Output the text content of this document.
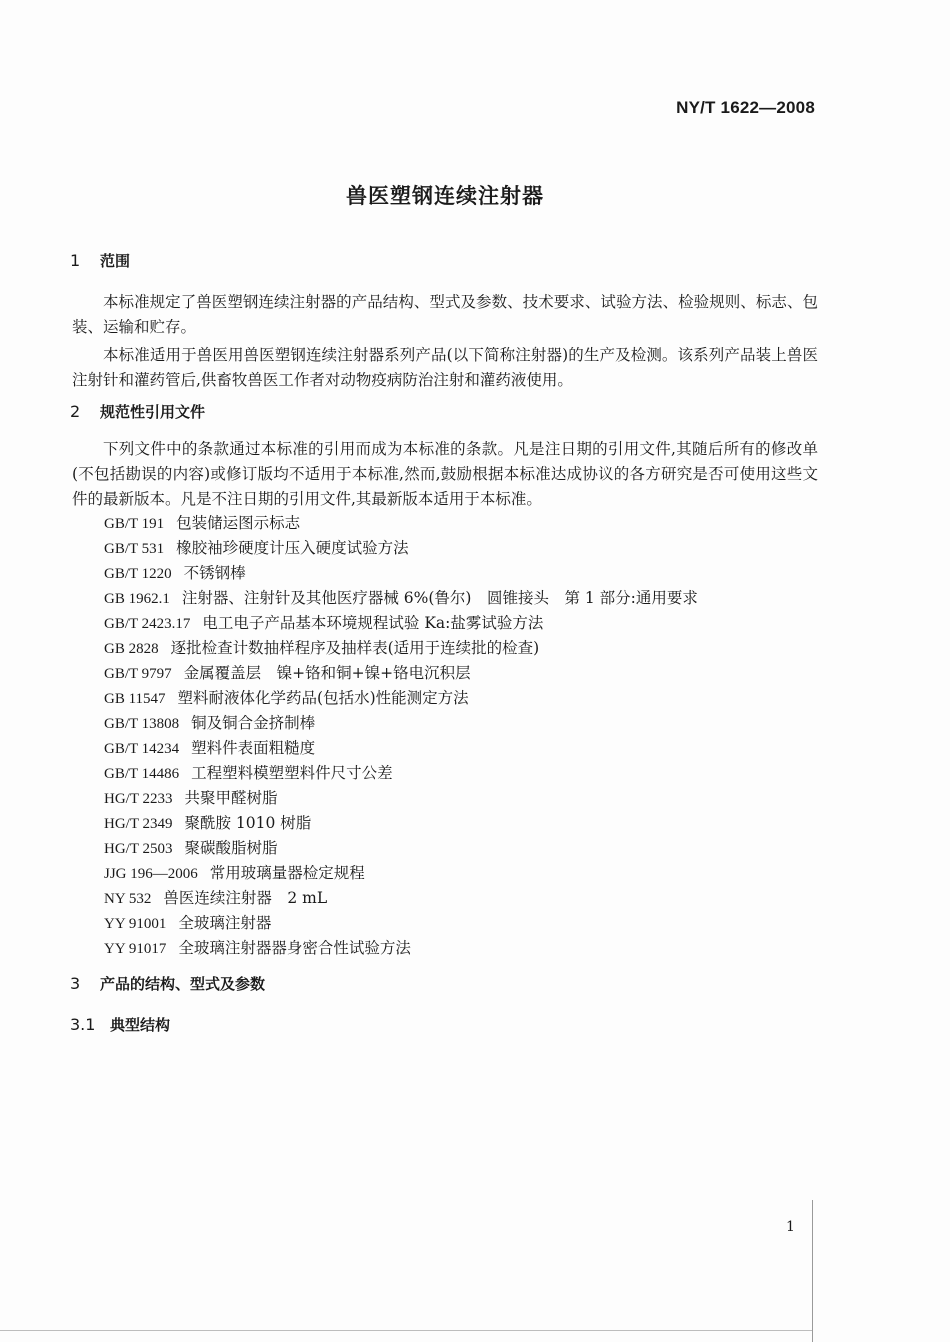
NY/T 1622—2008
兽医塑钢连续注射器
1 范围
本标准规定了兽医塑钢连续注射器的产品结构、型式及参数、技术要求、试验方法、检验规则、标志、包装、运输和贮存。
本标准适用于兽医用兽医塑钢连续注射器系列产品(以下简称注射器)的生产及检测。该系列产品装上兽医注射针和灌药管后,供畜牧兽医工作者对动物疫病防治注射和灌药液使用。
2 规范性引用文件
下列文件中的条款通过本标准的引用而成为本标准的条款。凡是注日期的引用文件,其随后所有的修改单(不包括勘误的内容)或修订版均不适用于本标准,然而,鼓励根据本标准达成协议的各方研究是否可使用这些文件的最新版本。凡是不注日期的引用文件,其最新版本适用于本标准。
GB/T 191 包装储运图示标志
GB/T 531 橡胶袖珍硬度计压入硬度试验方法
GB/T 1220 不锈钢棒
GB 1962.1 注射器、注射针及其他医疗器械 6%(鲁尔)　圆锥接头　第 1 部分:通用要求
GB/T 2423.17 电工电子产品基本环境规程试验 Ka:盐雾试验方法
GB 2828 逐批检查计数抽样程序及抽样表(适用于连续批的检查)
GB/T 9797 金属覆盖层　镍+铬和铜+镍+铬电沉积层
GB 11547 塑料耐液体化学药品(包括水)性能测定方法
GB/T 13808 铜及铜合金挤制棒
GB/T 14234 塑料件表面粗糙度
GB/T 14486 工程塑料模塑塑料件尺寸公差
HG/T 2233 共聚甲醛树脂
HG/T 2349 聚酰胺 1010 树脂
HG/T 2503 聚碳酸脂树脂
JJG 196—2006 常用玻璃量器检定规程
NY 532 兽医连续注射器　2 mL
YY 91001 全玻璃注射器
YY 91017 全玻璃注射器器身密合性试验方法
3 产品的结构、型式及参数
3.1 典型结构
1
